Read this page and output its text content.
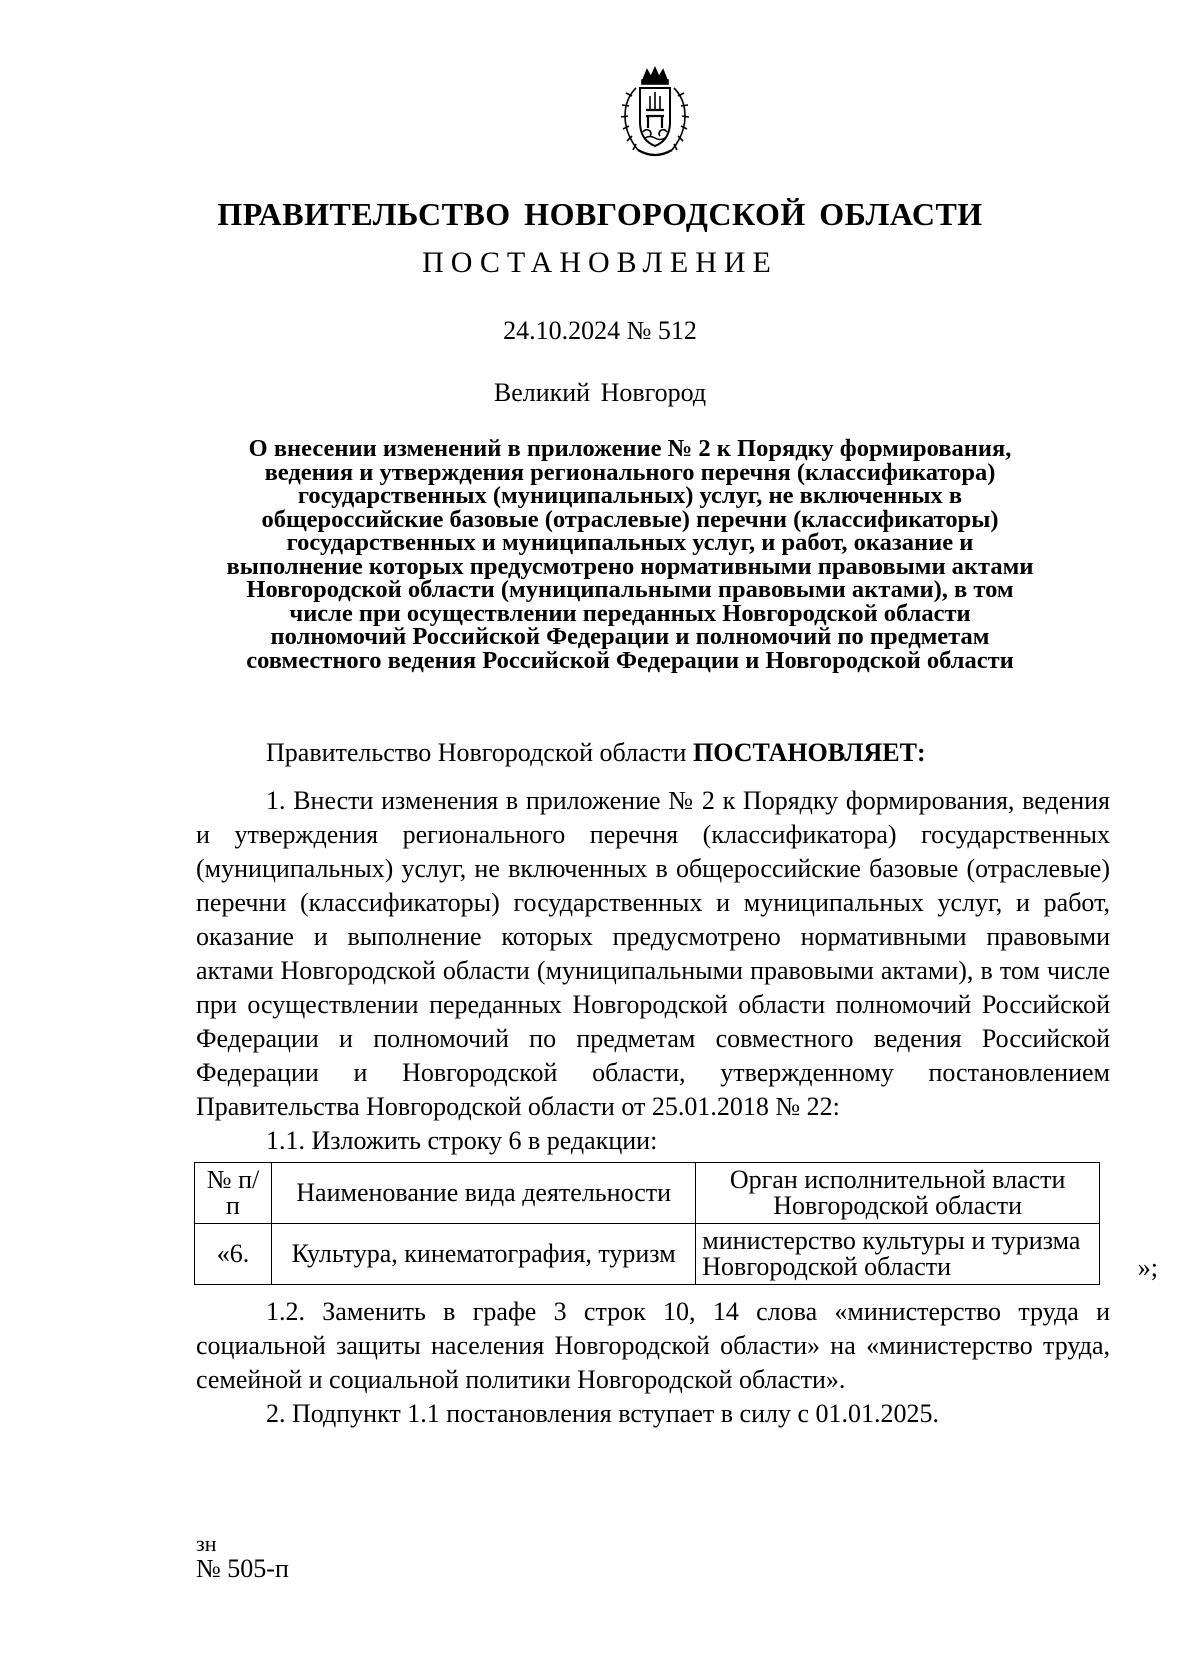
ПРАВИТЕЛЬСТВО НОВГОРОДСКОЙ ОБЛАСТИ
ПОСТАНОВЛЕНИЕ
24.10.2024 № 512
Великий Новгород
О внесении изменений в приложение № 2 к Порядку формирования,
ведения и утверждения регионального перечня (классификатора)
государственных (муниципальных) услуг, не включенных в
общероссийские базовые (отраслевые) перечни (классификаторы)
государственных и муниципальных услуг, и работ, оказание и
выполнение которых предусмотрено нормативными правовыми актами
Новгородской области (муниципальными правовыми актами), в том
числе при осуществлении переданных Новгородской области
полномочий Российской Федерации и полномочий по предметам
совместного ведения Российской Федерации и Новгородской области

Правительство Новгородской области ПОСТАНОВЛЯЕТ:

1. Внести изменения в приложение № 2 к Порядку формирования, ведения и утверждения регионального перечня (классификатора) государственных (муниципальных) услуг, не включенных в общероссийские базовые (отраслевые) перечни (классификаторы) государственных и муниципальных услуг, и работ, оказание и выполнение которых предусмотрено нормативными правовыми актами Новгородской области (муниципальными правовыми актами), в том числе при осуществлении переданных Новгородской области полномочий Российской Федерации и полномочий по предметам совместного ведения Российской Федерации и Новгородской области, утвержденному постановлением Правительства Новгородской области от 25.01.2018 № 22:

1.1. Изложить строку 6 в редакции:

№ п/п	Наименование вида деятельности	Орган исполнительной власти Новгородской области
«6.	Культура, кинематография, туризм	министерство культуры и туризма Новгородской области	»;

1.2. Заменить в графе 3 строк 10, 14 слова «министерство труда и социальной защиты населения Новгородской области» на «министерство труда, семейной и социальной политики Новгородской области».

2. Подпункт 1.1 постановления вступает в силу с 01.01.2025.

зн
№ 505-п
